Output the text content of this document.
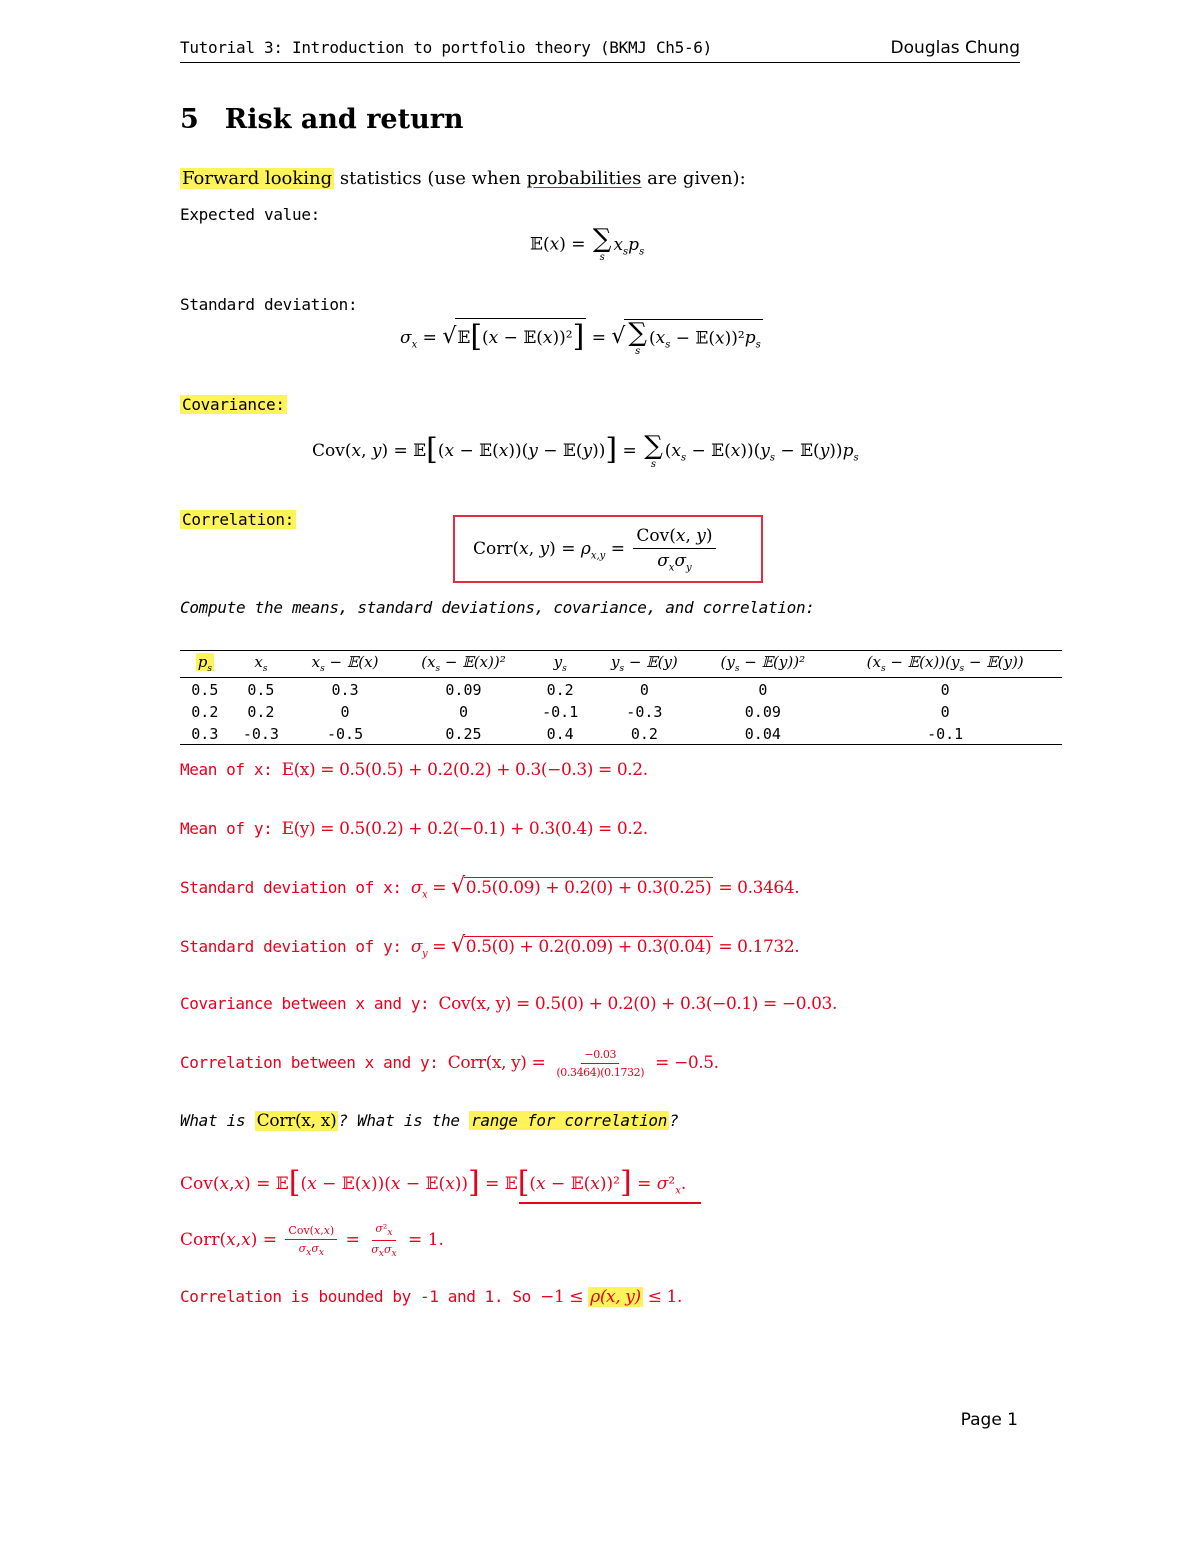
Tutorial 3: Introduction to portfolio theory (BKMJ Ch5-6)	Douglas Chung
5 Risk and return
Forward looking statistics (use when probabilities are given):
Expected value:
𝔼(x) = ∑
s
$x_sp_s$
Standard deviation:
$\sigma_x$ = √𝔼[(x − 𝔼(x))²] = √ ∑
s
($x_s$ − $𝔼(x))^2p_s$
Covariance:
Cov(x, y) = 𝔼[(x − 𝔼(x))(y − 𝔼(y))] = ∑
s
($x_s$ − $𝔼(x))(y_s$ − $𝔼(y))p_s$
Correlation:
Corr(x, $y) = \rho_{x,y} = \frac{\text{Cov(x, y)}}{\sigma_x\sigma_y}$
Compute the means, standard deviations, covariance, and correlation:
$p_s$	$x_s$	$x_s$ − 𝔼(x)	($x_s$ − 𝔼(x))²	$y_s$	$y_s$ − 𝔼(y)	($y_s$ − 𝔼(y))²	($x_s$ − $𝔼(x))(y_s$ − 𝔼(y))
0.5	0.5	0.3	0.09	0.2	0	0	0
0.2	0.2	0	0	-0.1	-0.3	0.09	0
0.3	-0.3	-0.5	0.25	0.4	0.2	0.04	-0.1
Mean of x: E(x) = 0.5(0.5) + 0.2(0.2) + 0.3(−0.3) = 0.2.
Mean of y: E(y) = 0.5(0.2) + 0.2(−0.1) + 0.3(0.4) = 0.2.
Standard deviation of x: $\sigma_x = √0.5(0.09) + 0.2(0) + 0.3(0.25) = 0.3464$.
Standard deviation of y: $\sigma_y = √0.5(0) + 0.2(0.09) + 0.3(0.04) = 0.1732$.
Covariance between x and y: Cov(x, y) = 0.5(0) + 0.2(0) + 0.3(−0.1) = −0.03.
Correlation between x and y: Corr(x, $y) = \frac{-0.03}{(0.3464)(0.1732)} = -0.5$.
What is Corr(x, x) ? What is the range for correlation ?
Cov(x,x) = 𝔼[(x − 𝔼(x))(x − 𝔼(x))] = 𝔼[(x − 𝔼(x))²] = $\sigma^2_x$.
Corr(x,x) = $\frac{\text{Cov(x,x)}}{\sigma_x\sigma_x} = \frac{\sigma^2_x}{\sigma_x\sigma_x} = 1$.
Correlation is bounded by -1 and 1. So −1 ≤ ρ(x, y) ≤ 1.
Page 1
